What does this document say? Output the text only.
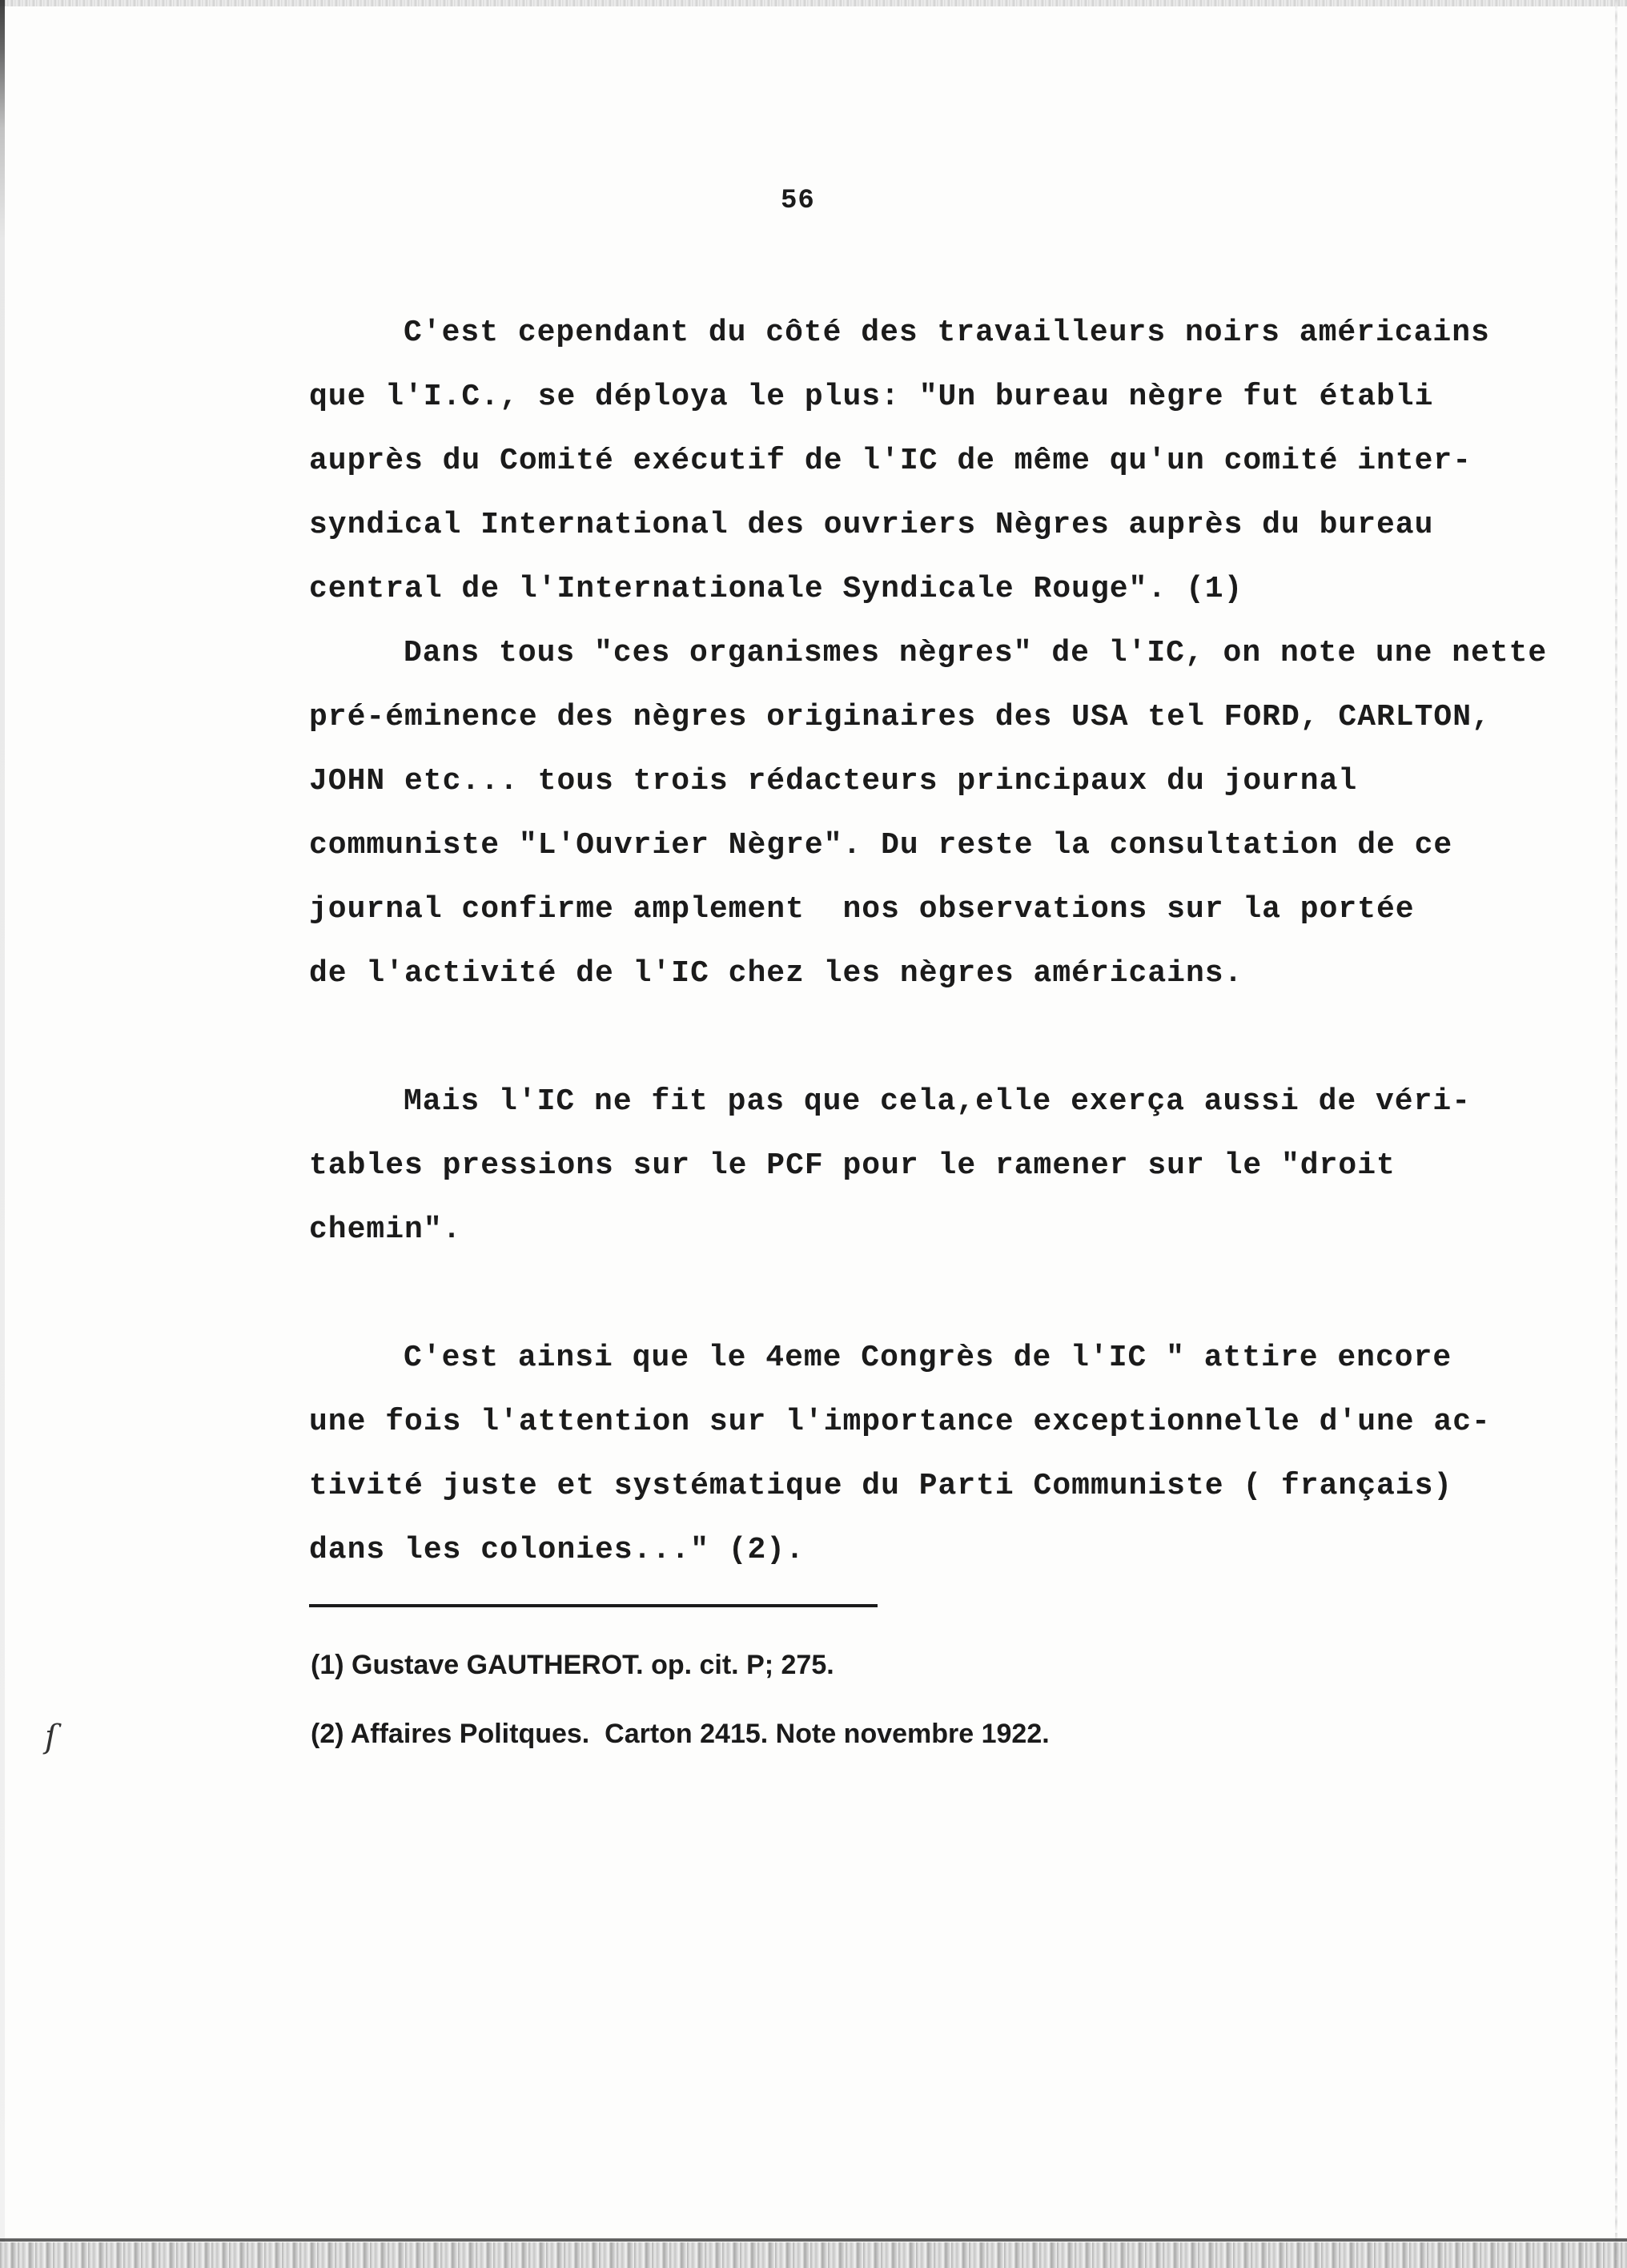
56
C'est cependant du côté des travailleurs noirs américains
que l'I.C., se déploya le plus: "Un bureau nègre fut établi
auprès du Comité exécutif de l'IC de même qu'un comité inter-
syndical International des ouvriers Nègres auprès du bureau
central de l'Internationale Syndicale Rouge". (1)
Dans tous "ces organismes nègres" de l'IC, on note une nette
pré-éminence des nègres originaires des USA tel FORD, CARLTON,
JOHN etc... tous trois rédacteurs principaux du journal
communiste "L'Ouvrier Nègre". Du reste la consultation de ce
journal confirme amplement  nos observations sur la portée
de l'activité de l'IC chez les nègres américains.
Mais l'IC ne fit pas que cela,elle exerça aussi de véri-
tables pressions sur le PCF pour le ramener sur le "droit
chemin".
C'est ainsi que le 4eme Congrès de l'IC " attire encore
une fois l'attention sur l'importance exceptionnelle d'une ac-
tivité juste et systématique du Parti Communiste ( français)
dans les colonies..." (2).
(1) Gustave GAUTHEROT. op. cit. P; 275.
(2) Affaires Politques.  Carton 2415. Note novembre 1922.
ſ
